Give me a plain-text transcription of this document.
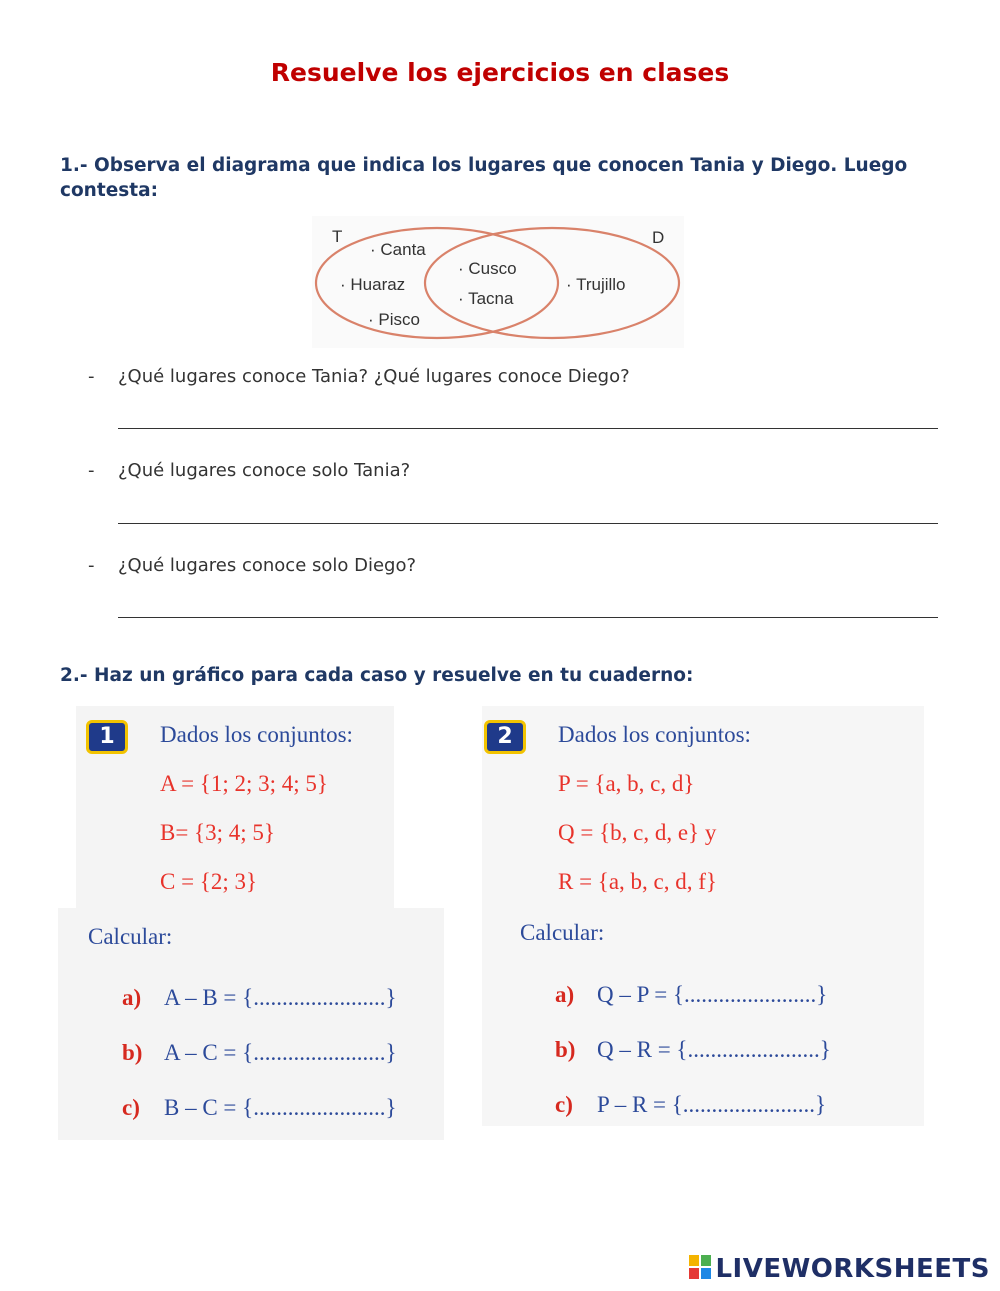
Resuelve los ejercicios en clases

1.- Observa el diagrama que indica los lugares que conocen Tania y Diego. Luego contesta:

T	D
· Canta
· Huaraz
· Pisco
· Cusco
· Tacna
· Trujillo
- ¿Qué lugares conoce Tania? ¿Qué lugares conoce Diego?
- ¿Qué lugares conoce solo Tania?
- ¿Qué lugares conoce solo Diego?

2.- Haz un gráfico para cada caso y resuelve en tu cuaderno:

1	Dados los conjuntos:
A = {1; 2; 3; 4; 5}
B= {3; 4; 5}
C = {2; 3}
Calcular:
a) A – B = {.......................}
b) A – C = {.......................}
c) B – C = {.......................}
2	Dados los conjuntos:
P = {a, b, c, d}
Q = {b, c, d, e} y
R = {a, b, c, d, f}
Calcular:
a) Q – P = {.......................}
b) Q – R = {.......................}
c) P – R = {.......................}
LIVEWORKSHEETS
